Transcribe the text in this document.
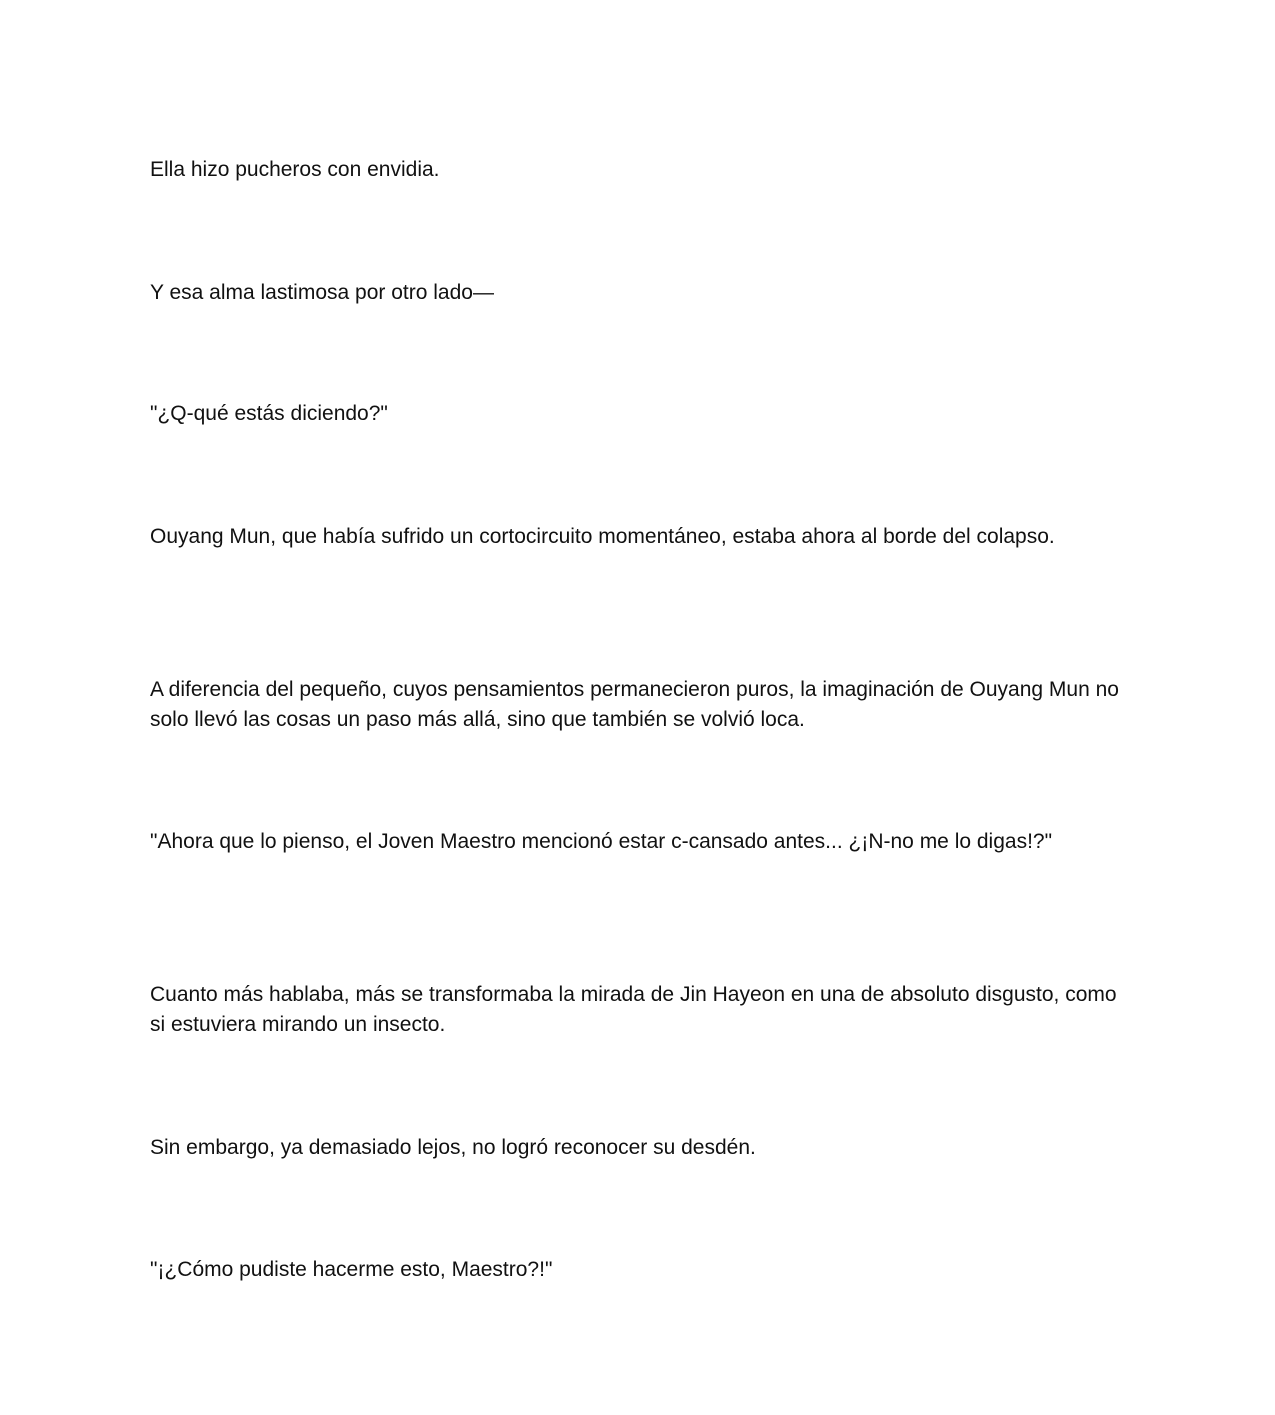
Ella hizo pucheros con envidia.

Y esa alma lastimosa por otro lado—

"¿Q-qué estás diciendo?"

Ouyang Mun, que había sufrido un cortocircuito momentáneo, estaba ahora al borde del colapso.

A diferencia del pequeño, cuyos pensamientos permanecieron puros, la imaginación de Ouyang Mun no solo llevó las cosas un paso más allá, sino que también se volvió loca.

"Ahora que lo pienso, el Joven Maestro mencionó estar c-cansado antes... ¿¡N-no me lo digas!?"

Cuanto más hablaba, más se transformaba la mirada de Jin Hayeon en una de absoluto disgusto, como si estuviera mirando un insecto.

Sin embargo, ya demasiado lejos, no logró reconocer su desdén.

"¡¿Cómo pudiste hacerme esto, Maestro?!"
